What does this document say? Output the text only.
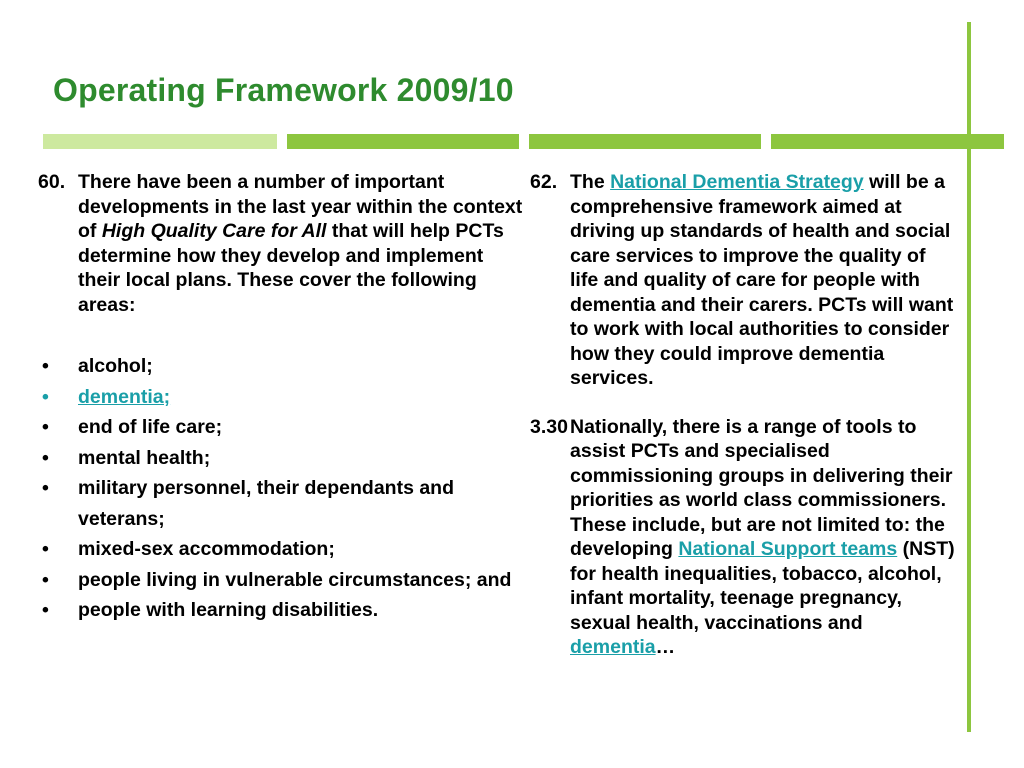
Operating Framework 2009/10
60. There have been a number of important developments in the last year within the context of High Quality Care for All that will help PCTs determine how they develop and implement their local plans. These cover the following areas:
• alcohol;
• dementia;
• end of life care;
• mental health;
• military personnel, their dependants and veterans;
• mixed-sex accommodation;
• people living in vulnerable circumstances; and
• people with learning disabilities.
62. The National Dementia Strategy will be a comprehensive framework aimed at driving up standards of health and social care services to improve the quality of life and quality of care for people with dementia and their carers. PCTs will want to work with local authorities to consider how they could improve dementia services.
3.30 Nationally, there is a range of tools to assist PCTs and specialised commissioning groups in delivering their priorities as world class commissioners. These include, but are not limited to: the developing National Support teams (NST) for health inequalities, tobacco, alcohol, infant mortality, teenage pregnancy, sexual health, vaccinations and dementia…
